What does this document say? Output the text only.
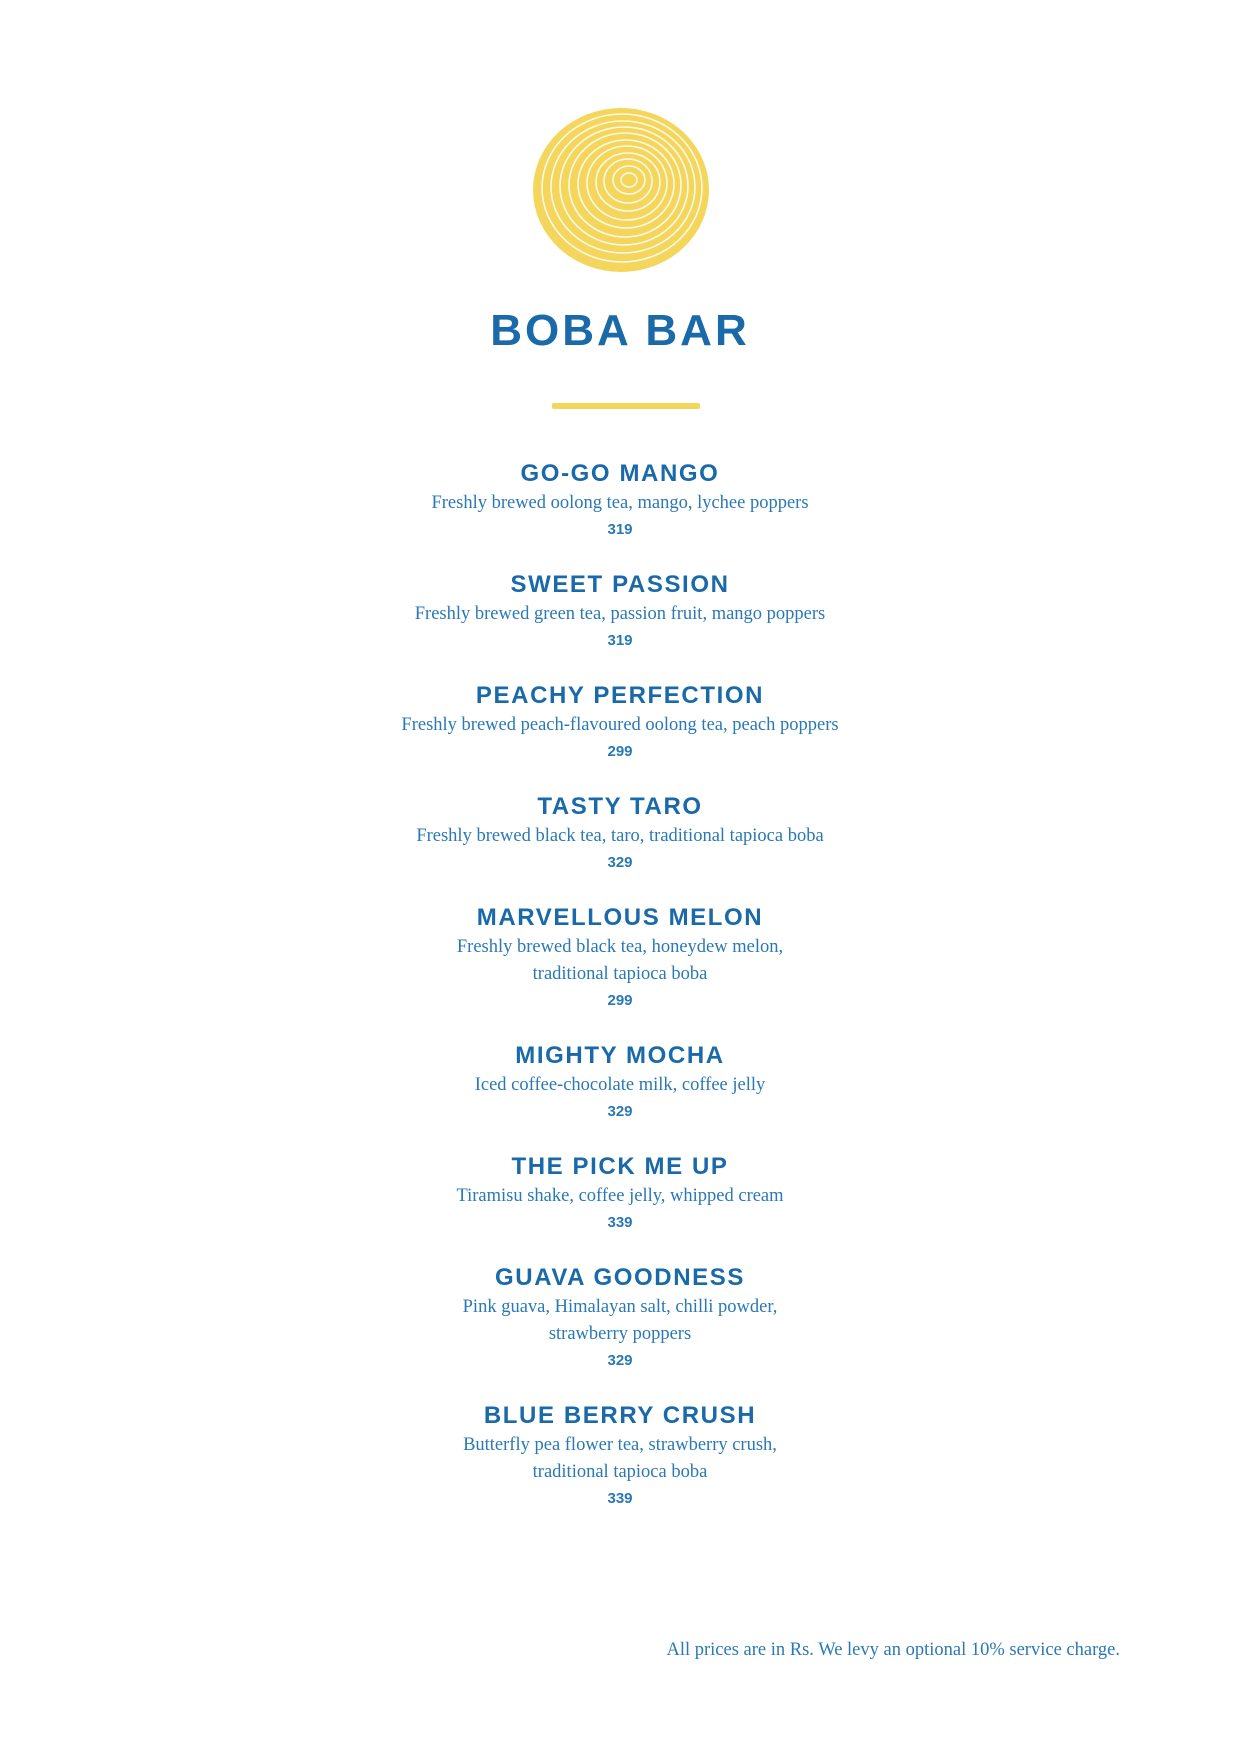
BOBA BAR
GO-GO MANGO
Freshly brewed oolong tea, mango, lychee poppers
319
SWEET PASSION
Freshly brewed green tea, passion fruit, mango poppers
319
PEACHY PERFECTION
Freshly brewed peach-flavoured oolong tea, peach poppers
299
TASTY TARO
Freshly brewed black tea, taro, traditional tapioca boba
329
MARVELLOUS MELON
Freshly brewed black tea, honeydew melon,
traditional tapioca boba
299
MIGHTY MOCHA
Iced coffee-chocolate milk, coffee jelly
329
THE PICK ME UP
Tiramisu shake, coffee jelly, whipped cream
339
GUAVA GOODNESS
Pink guava, Himalayan salt, chilli powder,
strawberry poppers
329
BLUE BERRY CRUSH
Butterfly pea flower tea, strawberry crush,
traditional tapioca boba
339
All prices are in Rs. We levy an optional 10% service charge.
